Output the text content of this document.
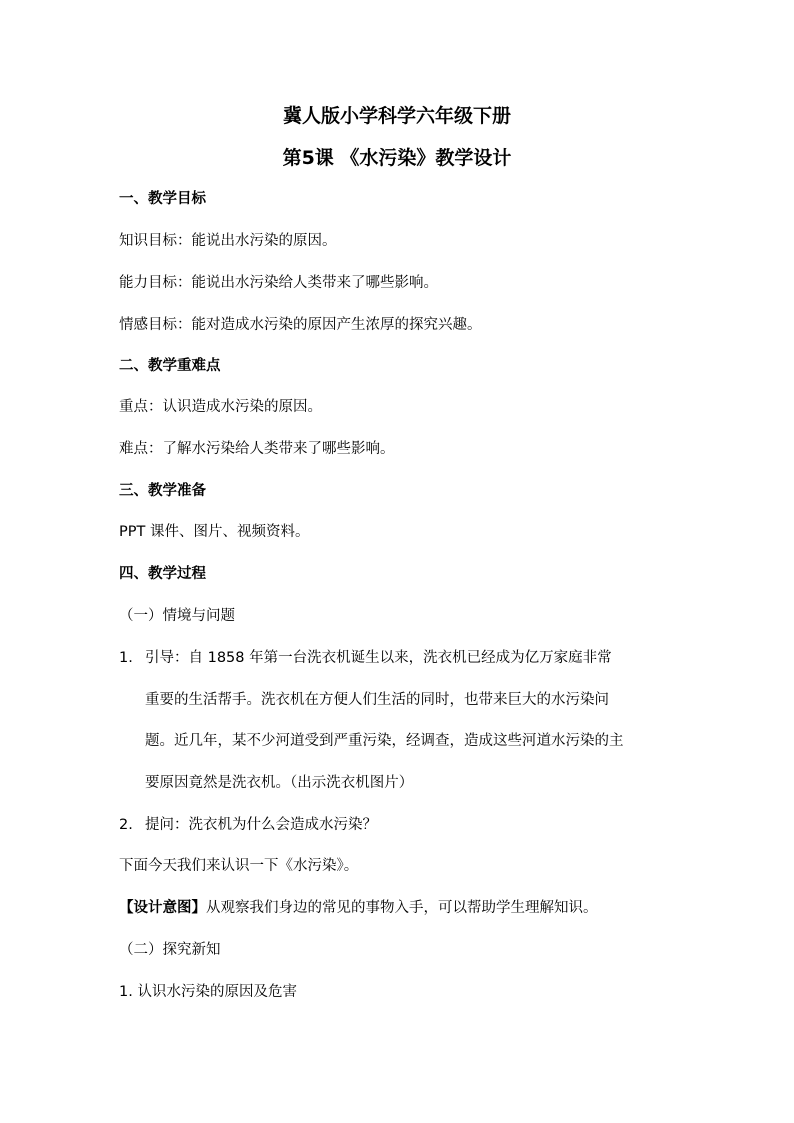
冀人版小学科学六年级下册
第5课 《水污染》教学设计
一、教学目标
知识目标：能说出水污染的原因。
能力目标：能说出水污染给人类带来了哪些影响。
情感目标：能对造成水污染的原因产生浓厚的探究兴趣。
二、教学重难点
重点：认识造成水污染的原因。
难点：了解水污染给人类带来了哪些影响。
三、教学准备
PPT 课件、图片、视频资料。
四、教学过程
（一）情境与问题
1. 引导：自 1858 年第一台洗衣机诞生以来，洗衣机已经成为亿万家庭非常
重要的生活帮手。洗衣机在方便人们生活的同时，也带来巨大的水污染问
题。近几年，某不少河道受到严重污染，经调查，造成这些河道水污染的主
要原因竟然是洗衣机。（出示洗衣机图片）
2. 提问：洗衣机为什么会造成水污染？
下面今天我们来认识一下《水污染》。
【设计意图】从观察我们身边的常见的事物入手，可以帮助学生理解知识。
（二）探究新知
1. 认识水污染的原因及危害
